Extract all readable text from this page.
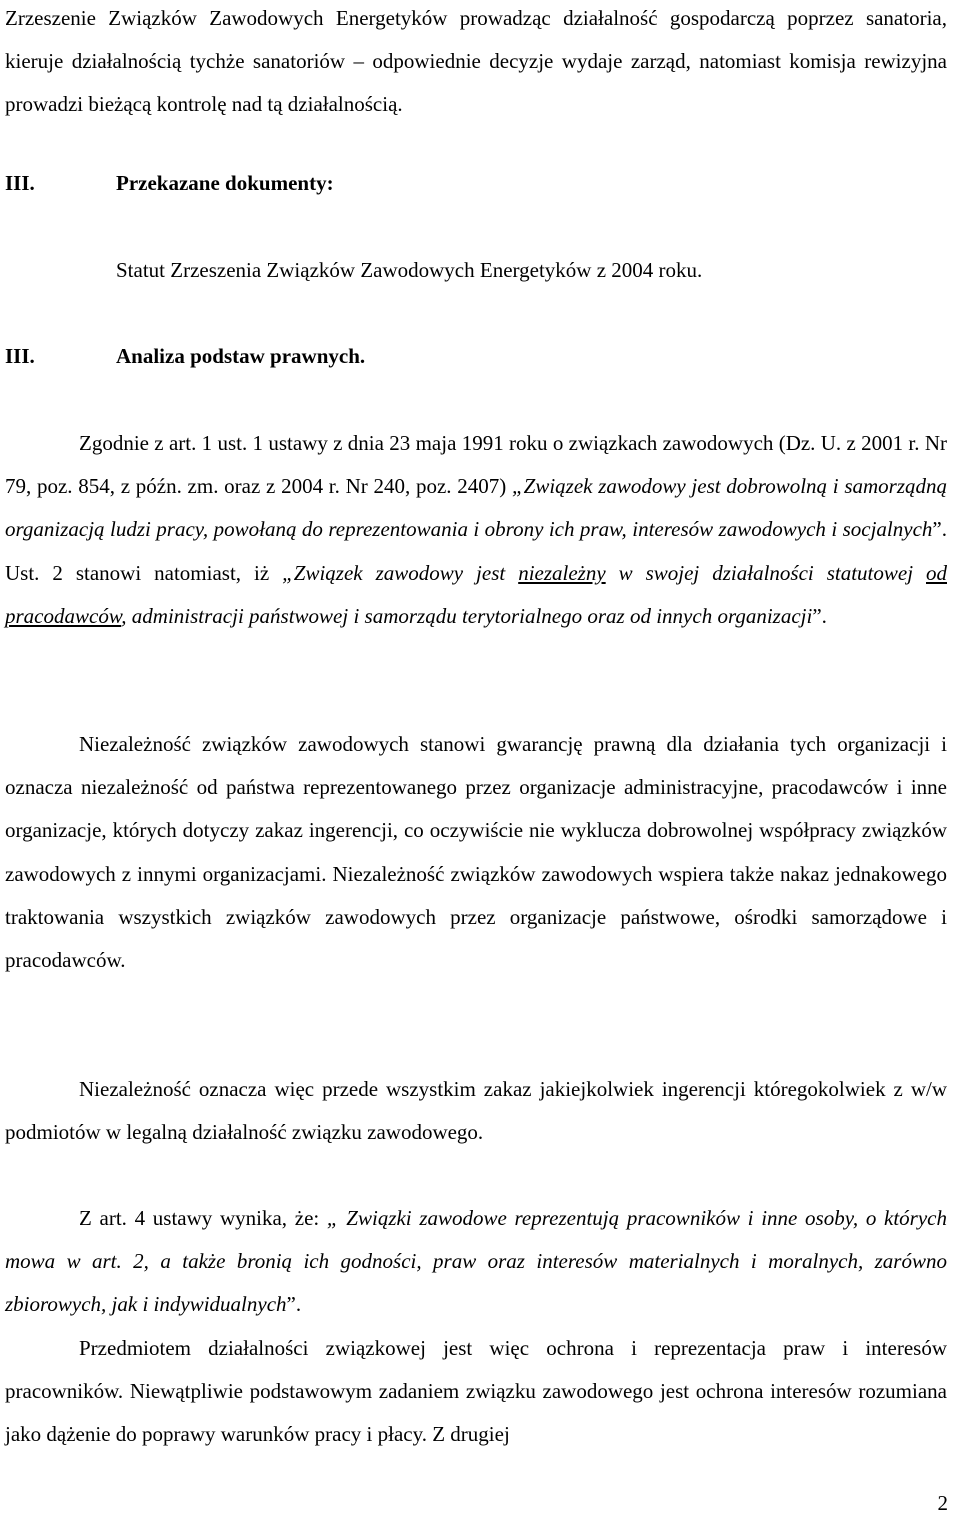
Zrzeszenie Związków Zawodowych Energetyków prowadząc działalność gospodarczą poprzez sanatoria, kieruje działalnością tychże sanatoriów – odpowiednie decyzje wydaje zarząd, natomiast komisja rewizyjna prowadzi bieżącą kontrolę nad tą działalnością.

III.	Przekazane dokumenty:
Statut Zrzeszenia Związków Zawodowych Energetyków z 2004 roku.
III.	Analiza podstaw prawnych.

Zgodnie z art. 1 ust. 1 ustawy z dnia 23 maja 1991 roku o związkach zawodowych (Dz. U. z 2001 r. Nr 79, poz. 854, z późn. zm. oraz z 2004 r. Nr 240, poz. 2407) „Związek zawodowy jest dobrowolną i samorządną organizacją ludzi pracy, powołaną do reprezentowania i obrony ich praw, interesów zawodowych i socjalnych”. Ust. 2 stanowi natomiast, iż „Związek zawodowy jest niezależny w swojej działalności statutowej od pracodawców, administracji państwowej i samorządu terytorialnego oraz od innych organizacji”.

Niezależność związków zawodowych stanowi gwarancję prawną dla działania tych organizacji i oznacza niezależność od państwa reprezentowanego przez organizacje administracyjne, pracodawców i inne organizacje, których dotyczy zakaz ingerencji, co oczywiście nie wyklucza dobrowolnej współpracy związków zawodowych z innymi organizacjami. Niezależność związków zawodowych wspiera także nakaz jednakowego traktowania wszystkich związków zawodowych przez organizacje państwowe, ośrodki samorządowe i pracodawców.

Niezależność oznacza więc przede wszystkim zakaz jakiejkolwiek ingerencji któregokolwiek z w/w podmiotów w legalną działalność związku zawodowego.

Z art. 4 ustawy wynika, że: „ Związki zawodowe reprezentują pracowników i inne osoby, o których mowa w art. 2, a także bronią ich godności, praw oraz interesów materialnych i moralnych, zarówno zbiorowych, jak i indywidualnych”.

Przedmiotem działalności związkowej jest więc ochrona i reprezentacja praw i interesów pracowników. Niewątpliwie podstawowym zadaniem związku zawodowego jest ochrona interesów rozumiana jako dążenie do poprawy warunków pracy i płacy. Z drugiej

2
